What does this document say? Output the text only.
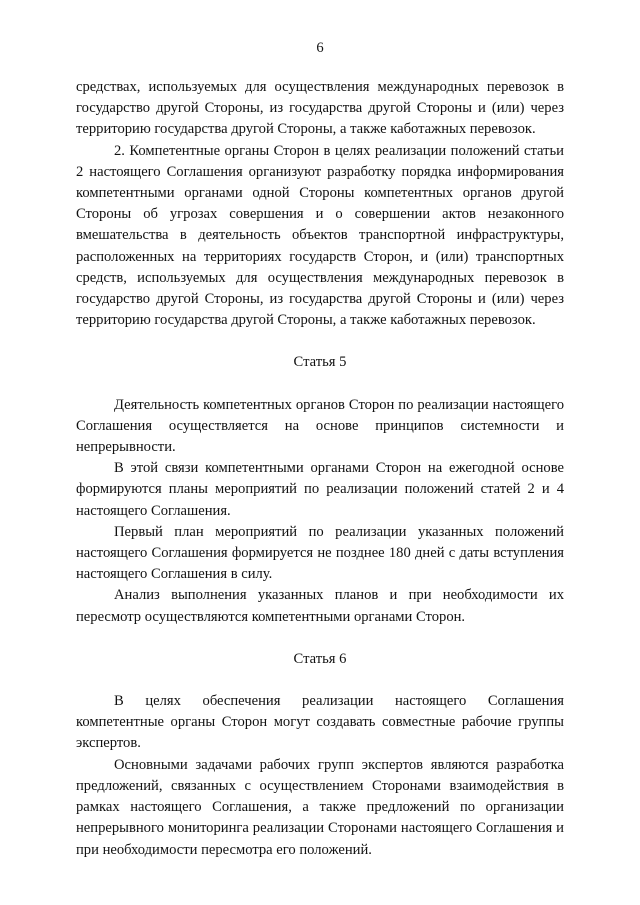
6

средствах, используемых для осуществления международных перевозок в государство другой Стороны, из государства другой Стороны и (или) через территорию государства другой Стороны, а также каботажных перевозок.

2. Компетентные органы Сторон в целях реализации положений статьи 2 настоящего Соглашения организуют разработку порядка информирования компетентными органами одной Стороны компетентных органов другой Стороны об угрозах совершения и о совершении актов незаконного вмешательства в деятельность объектов транспортной инфраструктуры, расположенных на территориях государств Сторон, и (или) транспортных средств, используемых для осуществления международных перевозок в государство другой Стороны, из государства другой Стороны и (или) через территорию государства другой Стороны, а также каботажных перевозок.

Статья 5

Деятельность компетентных органов Сторон по реализации настоящего Соглашения осуществляется на основе принципов системности и непрерывности.

В этой связи компетентными органами Сторон на ежегодной основе формируются планы мероприятий по реализации положений статей 2 и 4 настоящего Соглашения.

Первый план мероприятий по реализации указанных положений настоящего Соглашения формируется не позднее 180 дней с даты вступления настоящего Соглашения в силу.

Анализ выполнения указанных планов и при необходимости их пересмотр осуществляются компетентными органами Сторон.

Статья 6

В целях обеспечения реализации настоящего Соглашения компетентные органы Сторон могут создавать совместные рабочие группы экспертов.

Основными задачами рабочих групп экспертов являются разработка предложений, связанных с осуществлением Сторонами взаимодействия в рамках настоящего Соглашения, а также предложений по организации непрерывного мониторинга реализации Сторонами настоящего Соглашения и при необходимости пересмотра его положений.
